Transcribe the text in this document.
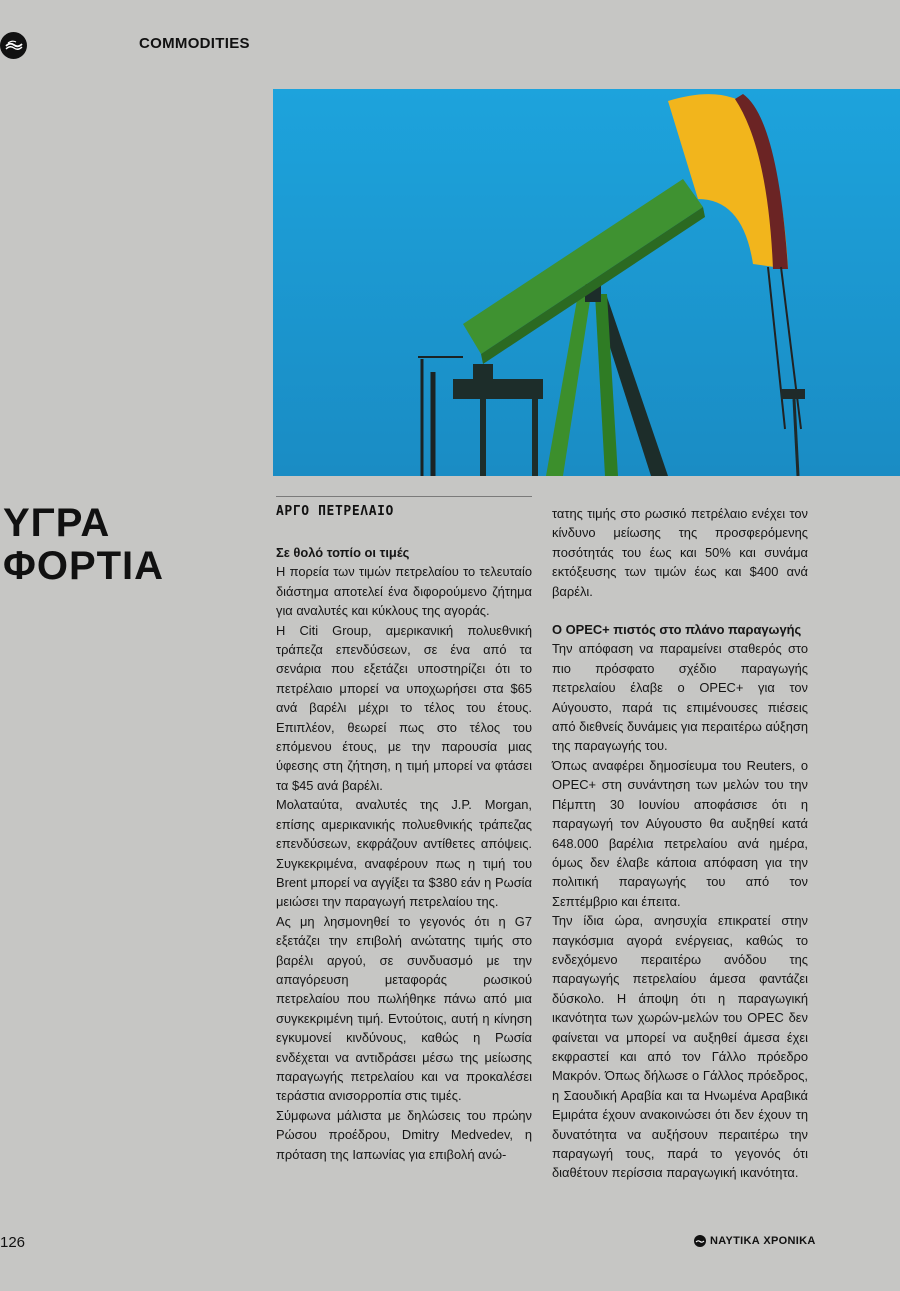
COMMODITIES
ΥΓΡΑ
ΦΟΡΤΙΑ
ΑΡΓΟ ΠΕΤΡΕΛΑΙΟ

Σε θολό τοπίο οι τιμές

Η πορεία των τιμών πετρελαίου το τελευταίο διάστημα αποτελεί ένα διφορούμενο ζήτημα για αναλυτές και κύκλους της αγοράς.

Η Citi Group, αμερικανική πολυεθνική τράπεζα επενδύσεων, σε ένα από τα σενάρια που εξετάζει υποστηρίζει ότι το πετρέλαιο μπορεί να υποχωρήσει στα $65 ανά βαρέλι μέχρι το τέλος του έτους. Επιπλέον, θεωρεί πως στο τέλος του επόμενου έτους, με την παρουσία μιας ύφεσης στη ζήτηση, η τιμή μπορεί να φτάσει τα $45 ανά βαρέλι.

Μολαταύτα, αναλυτές της J.P. Morgan, επίσης αμερικανικής πολυεθνικής τράπεζας επενδύσεων, εκφράζουν αντίθετες απόψεις. Συγκεκριμένα, αναφέρουν πως η τιμή του Brent μπορεί να αγγίξει τα $380 εάν η Ρωσία μειώσει την παραγωγή πετρελαίου της.

Ας μη λησμονηθεί το γεγονός ότι η G7 εξετάζει την επιβολή ανώτατης τιμής στο βαρέλι αργού, σε συνδυασμό με την απαγόρευση μεταφοράς ρωσικού πετρελαίου που πωλήθηκε πάνω από μια συγκεκριμένη τιμή. Εντούτοις, αυτή η κίνηση εγκυμονεί κινδύνους, καθώς η Ρωσία ενδέχεται να αντιδράσει μέσω της μείωσης παραγωγής πετρελαίου και να προκαλέσει τεράστια ανισορροπία στις τιμές.

Σύμφωνα μάλιστα με δηλώσεις του πρώην Ρώσου προέδρου, Dmitry Medvedev, η πρόταση της Ιαπωνίας για επιβολή ανώ-

τατης τιμής στο ρωσικό πετρέλαιο ενέχει τον κίνδυνο μείωσης της προσφερόμενης ποσότητάς του έως και 50% και συνάμα εκτόξευσης των τιμών έως και $400 ανά βαρέλι.

Ο OPEC+ πιστός στο πλάνο παραγωγής

Την απόφαση να παραμείνει σταθερός στο πιο πρόσφατο σχέδιο παραγωγής πετρελαίου έλαβε ο OPEC+ για τον Αύγουστο, παρά τις επιμένουσες πιέσεις από διεθνείς δυνάμεις για περαιτέρω αύξηση της παραγωγής του.

Όπως αναφέρει δημοσίευμα του Reuters, ο OPEC+ στη συνάντηση των μελών του την Πέμπτη 30 Ιουνίου αποφάσισε ότι η παραγωγή τον Αύγουστο θα αυξηθεί κατά 648.000 βαρέλια πετρελαίου ανά ημέρα, όμως δεν έλαβε κάποια απόφαση για την πολιτική παραγωγής του από τον Σεπτέμβριο και έπειτα.

Την ίδια ώρα, ανησυχία επικρατεί στην παγκόσμια αγορά ενέργειας, καθώς το ενδεχόμενο περαιτέρω ανόδου της παραγωγής πετρελαίου άμεσα φαντάζει δύσκολο. Η άποψη ότι η παραγωγική ικανότητα των χωρών-μελών του OPEC δεν φαίνεται να μπορεί να αυξηθεί άμεσα έχει εκφραστεί και από τον Γάλλο πρόεδρο Μακρόν. Όπως δήλωσε ο Γάλλος πρόεδρος, η Σαουδική Αραβία και τα Ηνωμένα Αραβικά Εμιράτα έχουν ανακοινώσει ότι δεν έχουν τη δυνατότητα να αυξήσουν περαιτέρω την παραγωγή τους, παρά το γεγονός ότι διαθέτουν περίσσια παραγωγική ικανότητα.

126	ΝΑΥΤΙΚΑ ΧΡΟΝΙΚΑ
